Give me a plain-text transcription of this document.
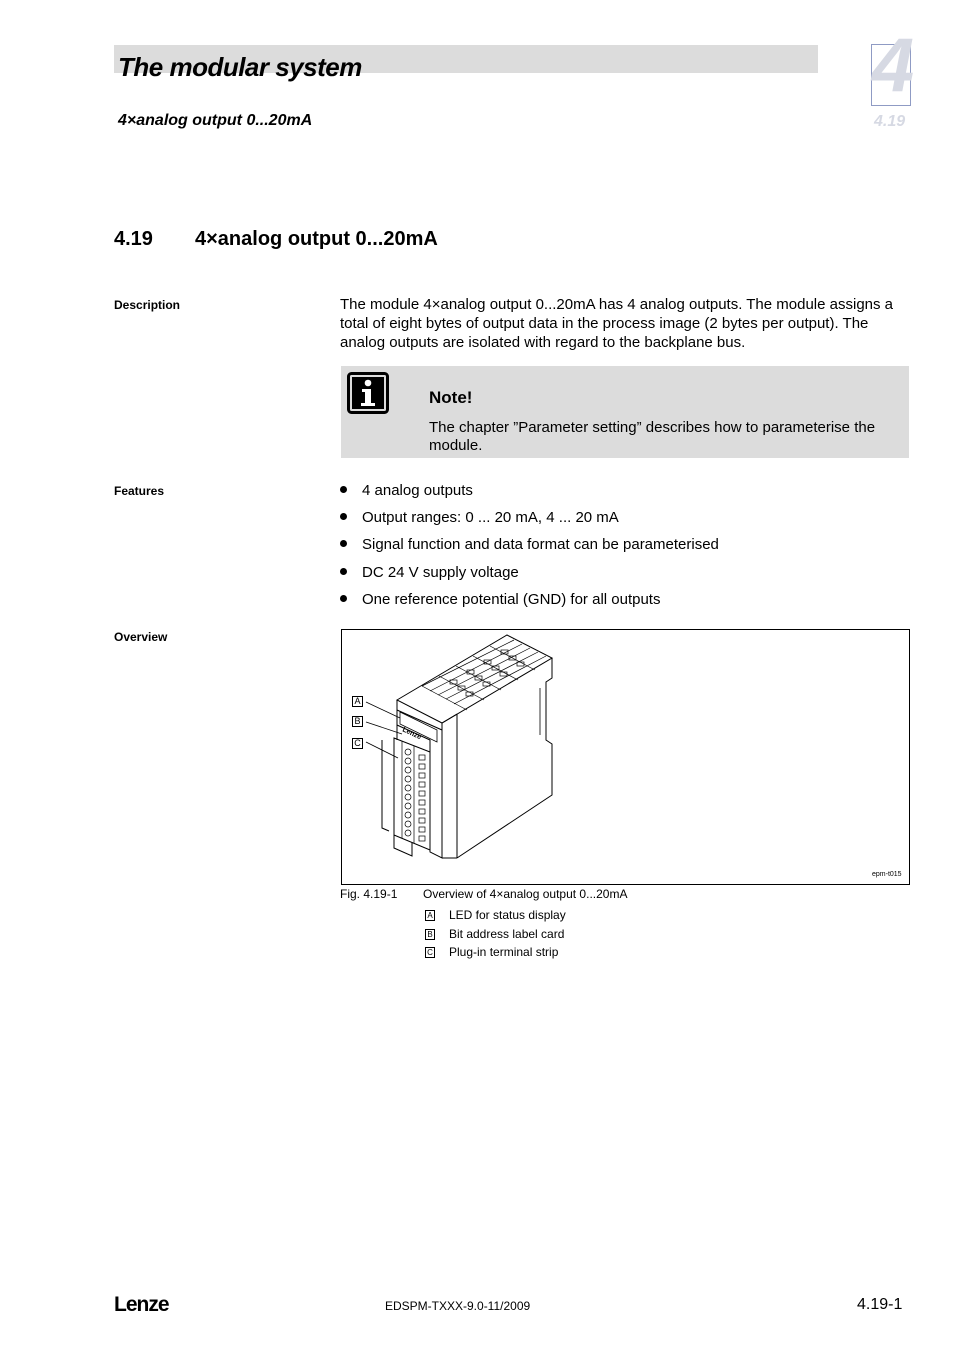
The modular system
4×analog output 0...20mA
4
4.19
4.19 4×analog output 0...20mA
Description	The module 4×analog output 0...20mA has 4 analog outputs. The module assigns a total of eight bytes of output data in the process image (2 bytes per output). The analog outputs are isolated with regard to the backplane bus.
Note!
The chapter ”Parameter setting” describes how to parameterise the module.
Features	4 analog outputs
Output ranges: 0 ... 20 mA, 4 ... 20 mA
Signal function and data format can be parameterised
DC 24 V supply voltage
One reference potential (GND) for all outputs
Overview
Lenze
A
B
C
epm-t015
Fig. 4.19-1 Overview of 4×analog output 0...20mA
A LED for status display
B Bit address label card
C Plug-in terminal strip
Lenze	EDSPM-TXXX-9.0-11/2009	4.19-1
